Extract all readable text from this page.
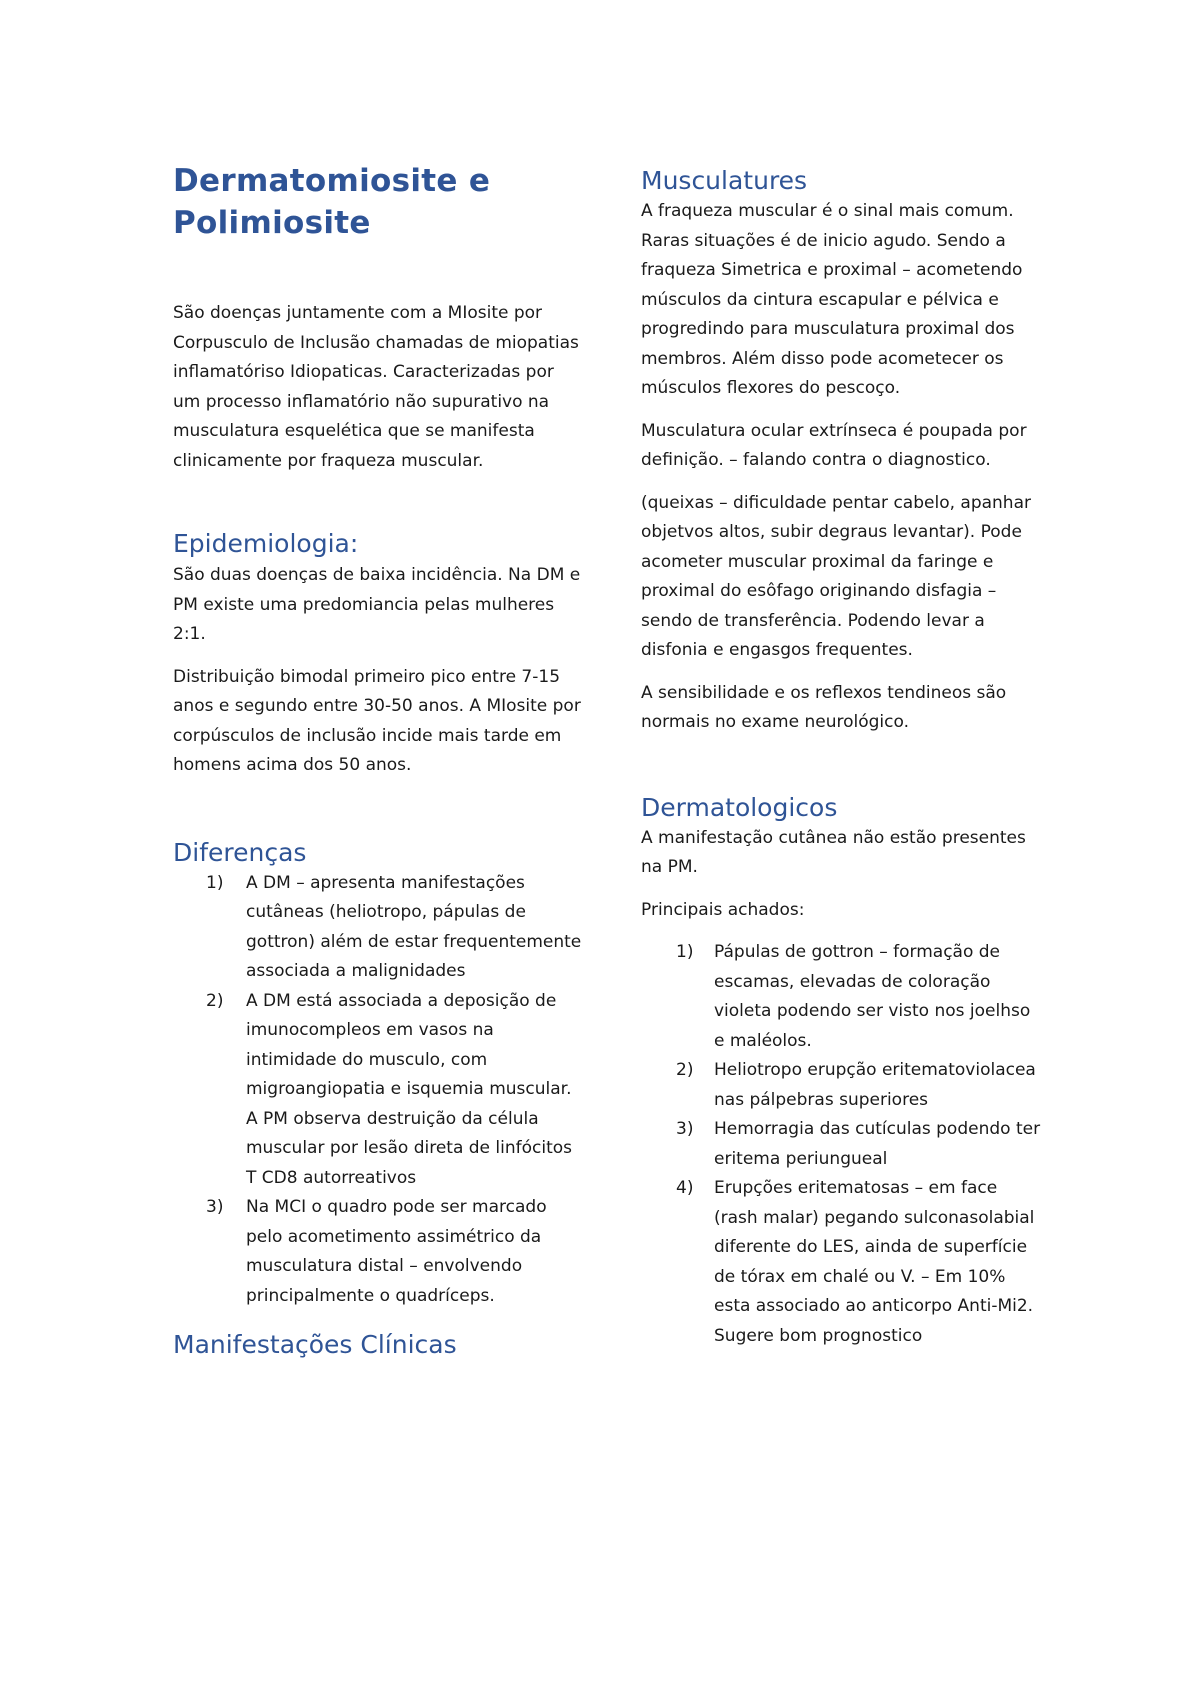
Dermatomiosite e Polimiosite

São doenças juntamente com a MIosite por Corpusculo de Inclusão chamadas de miopatias inflamatóriso Idiopaticas. Caracterizadas por um processo inflamatório não supurativo na musculatura esquelética que se manifesta clinicamente por fraqueza muscular.

Epidemiologia:

São duas doenças de baixa incidência. Na DM e PM existe uma predomiancia pelas mulheres 2:1.

Distribuição bimodal primeiro pico entre 7-15 anos e segundo entre 30-50 anos. A MIosite por corpúsculos de inclusão incide mais tarde em homens acima dos 50 anos.

Diferenças
1) A DM – apresenta manifestações cutâneas (heliotropo, pápulas de gottron) além de estar frequentemente associada a malignidades
2) A DM está associada a deposição de imunocompleos em vasos na intimidade do musculo, com migroangiopatia e isquemia muscular. A PM observa destruição da célula muscular por lesão direta de linfócitos T CD8 autorreativos
3) Na MCI o quadro pode ser marcado pelo acometimento assimétrico da musculatura distal – envolvendo principalmente o quadríceps.
Manifestações Clínicas
Musculatures

A fraqueza muscular é o sinal mais comum. Raras situações é de inicio agudo. Sendo a fraqueza Simetrica e proximal – acometendo músculos da cintura escapular e pélvica e progredindo para musculatura proximal dos membros. Além disso pode acometecer os músculos flexores do pescoço.

Musculatura ocular extrínseca é poupada por definição. – falando contra o diagnostico.

(queixas – dificuldade pentar cabelo, apanhar objetvos altos, subir degraus levantar). Pode acometer muscular proximal da faringe e proximal do esôfago originando disfagia – sendo de transferência. Podendo levar a disfonia e engasgos frequentes.

A sensibilidade e os reflexos tendineos são normais no exame neurológico.

Dermatologicos

A manifestação cutânea não estão presentes na PM.

Principais achados:

1) Pápulas de gottron – formação de escamas, elevadas de coloração violeta podendo ser visto nos joelhso e maléolos.
2) Heliotropo erupção eritematoviolacea nas pálpebras superiores
3) Hemorragia das cutículas podendo ter eritema periungueal
4) Erupções eritematosas – em face (rash malar) pegando sulconasolabial diferente do LES, ainda de superfície de tórax em chalé ou V. – Em 10% esta associado ao anticorpo Anti-Mi2. Sugere bom prognostico
